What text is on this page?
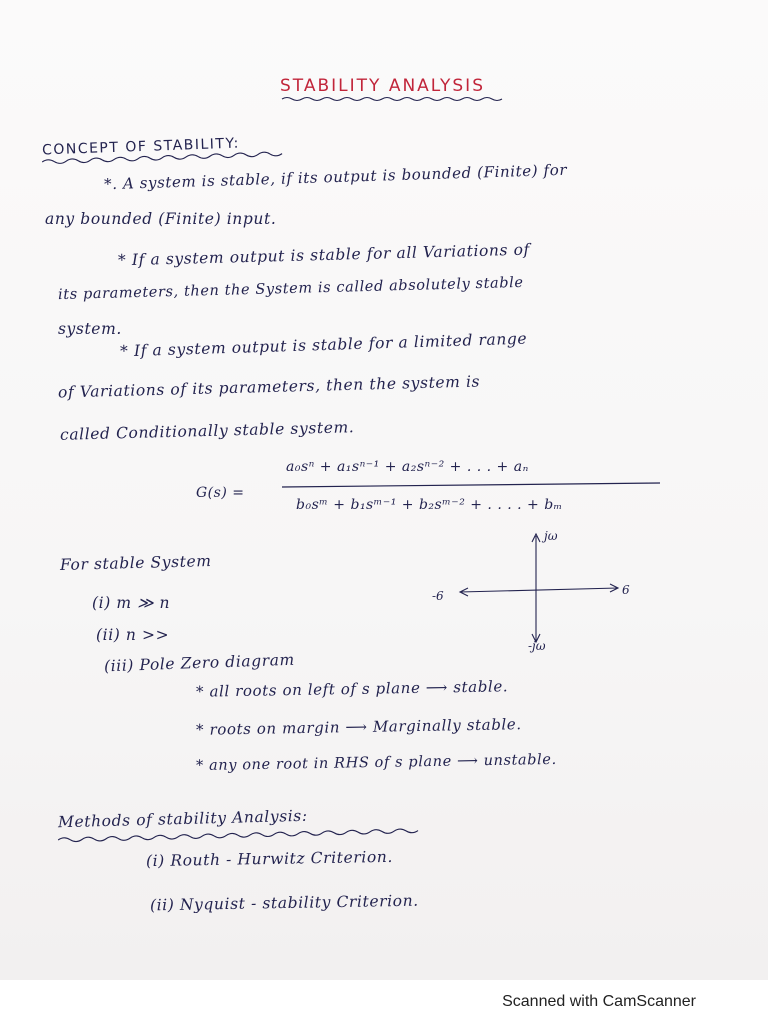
STABILITY ANALYSIS
CONCEPT OF STABILITY:
*. A system is stable, if its output is bounded (Finite) for
any bounded (Finite) input.
* If a system output is stable for all Variations of
its parameters, then the System is called absolutely stable
system.
* If a system output is stable for a limited range
of Variations of its parameters, then the system is
called Conditionally stable system.
G(s) =
a₀sⁿ + a₁sⁿ⁻¹ + a₂sⁿ⁻² + . . . + aₙ
b₀sᵐ + b₁sᵐ⁻¹ + b₂sᵐ⁻² + . . . . + bₘ
For stable System
(i) m ≫ n
(ii) n >>
(iii) Pole Zero diagram
* all roots on left of s plane ⟶ stable.
* roots on margin ⟶ Marginally stable.
* any one root in RHS of s plane ⟶ unstable.
jω
-jω
-6	6
Methods of stability Analysis:
(i) Routh - Hurwitz Criterion.
(ii) Nyquist - stability Criterion.
Scanned with CamScanner
